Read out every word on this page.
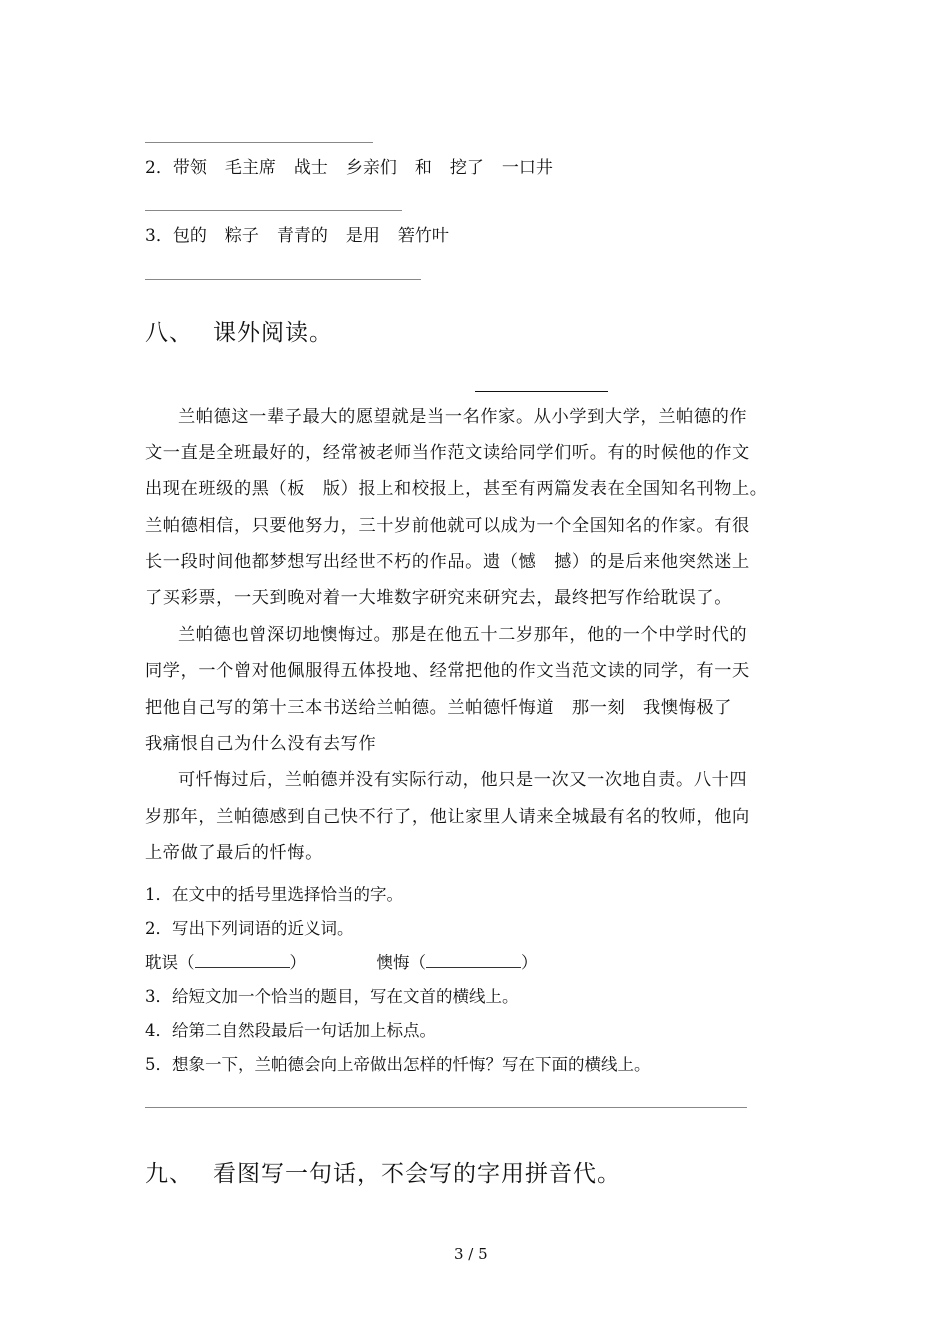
2．带领 毛主席 战士 乡亲们 和 挖了 一口井
3．包的 粽子 青青的 是用 箬竹叶
八、 课外阅读。
兰帕德这一辈子最大的愿望就是当一名作家。从小学到大学，兰帕德的作
文一直是全班最好的，经常被老师当作范文读给同学们听。有的时候他的作文
出现在班级的黑（板　版）报上和校报上，甚至有两篇发表在全国知名刊物上。
兰帕德相信，只要他努力，三十岁前他就可以成为一个全国知名的作家。有很
长一段时间他都梦想写出经世不朽的作品。遗（憾　撼）的是后来他突然迷上
了买彩票，一天到晚对着一大堆数字研究来研究去，最终把写作给耽误了。
兰帕德也曾深切地懊悔过。那是在他五十二岁那年，他的一个中学时代的
同学，一个曾对他佩服得五体投地、经常把他的作文当范文读的同学，有一天
把他自己写的第十三本书送给兰帕德。兰帕德忏悔道　那一刻　我懊悔极了
我痛恨自己为什么没有去写作
可忏悔过后，兰帕德并没有实际行动，他只是一次又一次地自责。八十四
岁那年，兰帕德感到自己快不行了，他让家里人请来全城最有名的牧师，他向
上帝做了最后的忏悔。
1．在文中的括号里选择恰当的字。
2．写出下列词语的近义词。
耽误（	）	懊悔（	）
3．给短文加一个恰当的题目，写在文首的横线上。
4．给第二自然段最后一句话加上标点。
5．想象一下，兰帕德会向上帝做出怎样的忏悔？写在下面的横线上。
九、 看图写一句话，不会写的字用拼音代。
3 / 5
